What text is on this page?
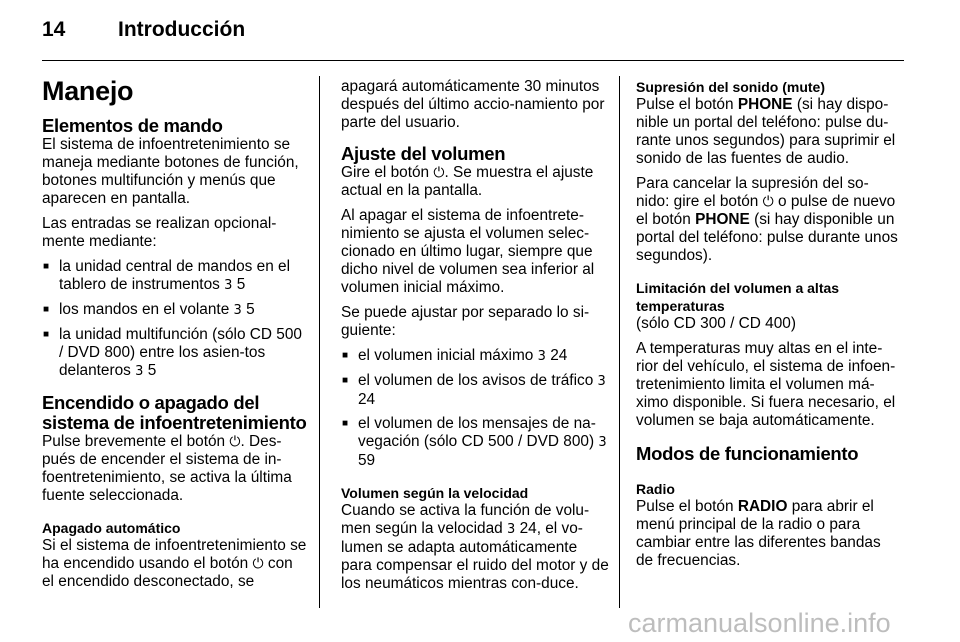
14	Introducción
Manejo
Elementos de mando

El sistema de infoentretenimiento se maneja mediante botones de función, botones multifunción y menús que aparecen en pantalla.

Las entradas se realizan opcional-mente mediante:

■ la unidad central de mandos en el tablero de instrumentos 3 5
■ los mandos en el volante 3 5
■ la unidad multifunción (sólo CD 500 / DVD 800) entre los asien-tos delanteros 3 5
Encendido o apagado del sistema de infoentretenimiento

Pulse brevemente el botón ⏻. Des-pués de encender el sistema de in-foentretenimiento, se activa la última fuente seleccionada.

Apagado automático

Si el sistema de infoentretenimiento se ha encendido usando el botón ⏻ con el encendido desconectado, se

apagará automáticamente 30 minutos después del último accio-namiento por parte del usuario.

Ajuste del volumen

Gire el botón ⏻. Se muestra el ajuste actual en la pantalla.

Al apagar el sistema de infoentrete-nimiento se ajusta el volumen selec-cionado en último lugar, siempre que dicho nivel de volumen sea inferior al volumen inicial máximo.

Se puede ajustar por separado lo si-guiente:

■ el volumen inicial máximo 3 24
■ el volumen de los avisos de tráfico 3 24
■ el volumen de los mensajes de na-vegación (sólo CD 500 / DVD 800) 3 59
Volumen según la velocidad

Cuando se activa la función de volu-men según la velocidad 3 24, el vo-lumen se adapta automáticamente para compensar el ruido del motor y de los neumáticos mientras con-duce.

Supresión del sonido (mute)

Pulse el botón PHONE (si hay dispo-nible un portal del teléfono: pulse du-rante unos segundos) para suprimir el sonido de las fuentes de audio.

Para cancelar la supresión del so-nido: gire el botón ⏻ o pulse de nuevo el botón PHONE (si hay disponible un portal del teléfono: pulse durante unos segundos).

Limitación del volumen a altas temperaturas

(sólo CD 300 / CD 400)

A temperaturas muy altas en el inte-rior del vehículo, el sistema de infoen-tretenimiento limita el volumen má-ximo disponible. Si fuera necesario, el volumen se baja automáticamente.

Modos de funcionamiento
Radio

Pulse el botón RADIO para abrir el menú principal de la radio o para cambiar entre las diferentes bandas de frecuencias.

carmanualsonline.info
